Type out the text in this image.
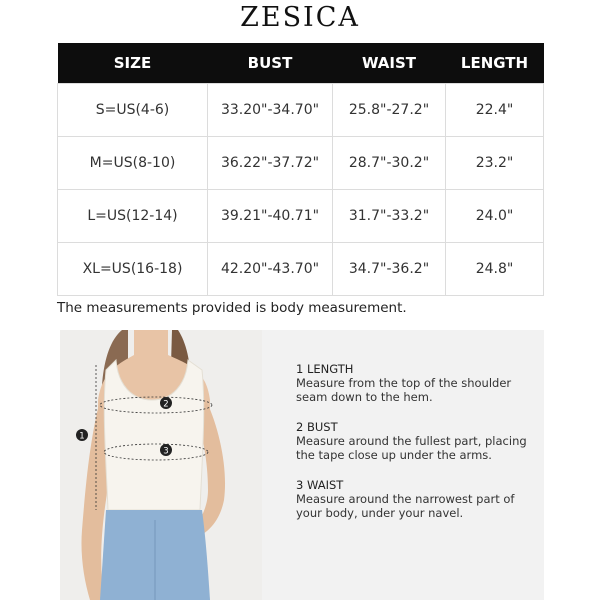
ZESICA
SIZE	BUST	WAIST	LENGTH
S=US(4-6)	33.20"-34.70"	25.8"-27.2"	22.4"
M=US(8-10)	36.22"-37.72"	28.7"-30.2"	23.2"
L=US(12-14)	39.21"-40.71"	31.7"-33.2"	24.0"
XL=US(16-18)	42.20"-43.70"	34.7"-36.2"	24.8"
The measurements provided is body measurement.
1
2
3
1 LENGTH
Measure from the top of the shoulder seam down to the hem.
2 BUST
Measure around the fullest part, placing the tape close up under the arms.
3 WAIST
Measure around the narrowest part of your body, under your navel.
